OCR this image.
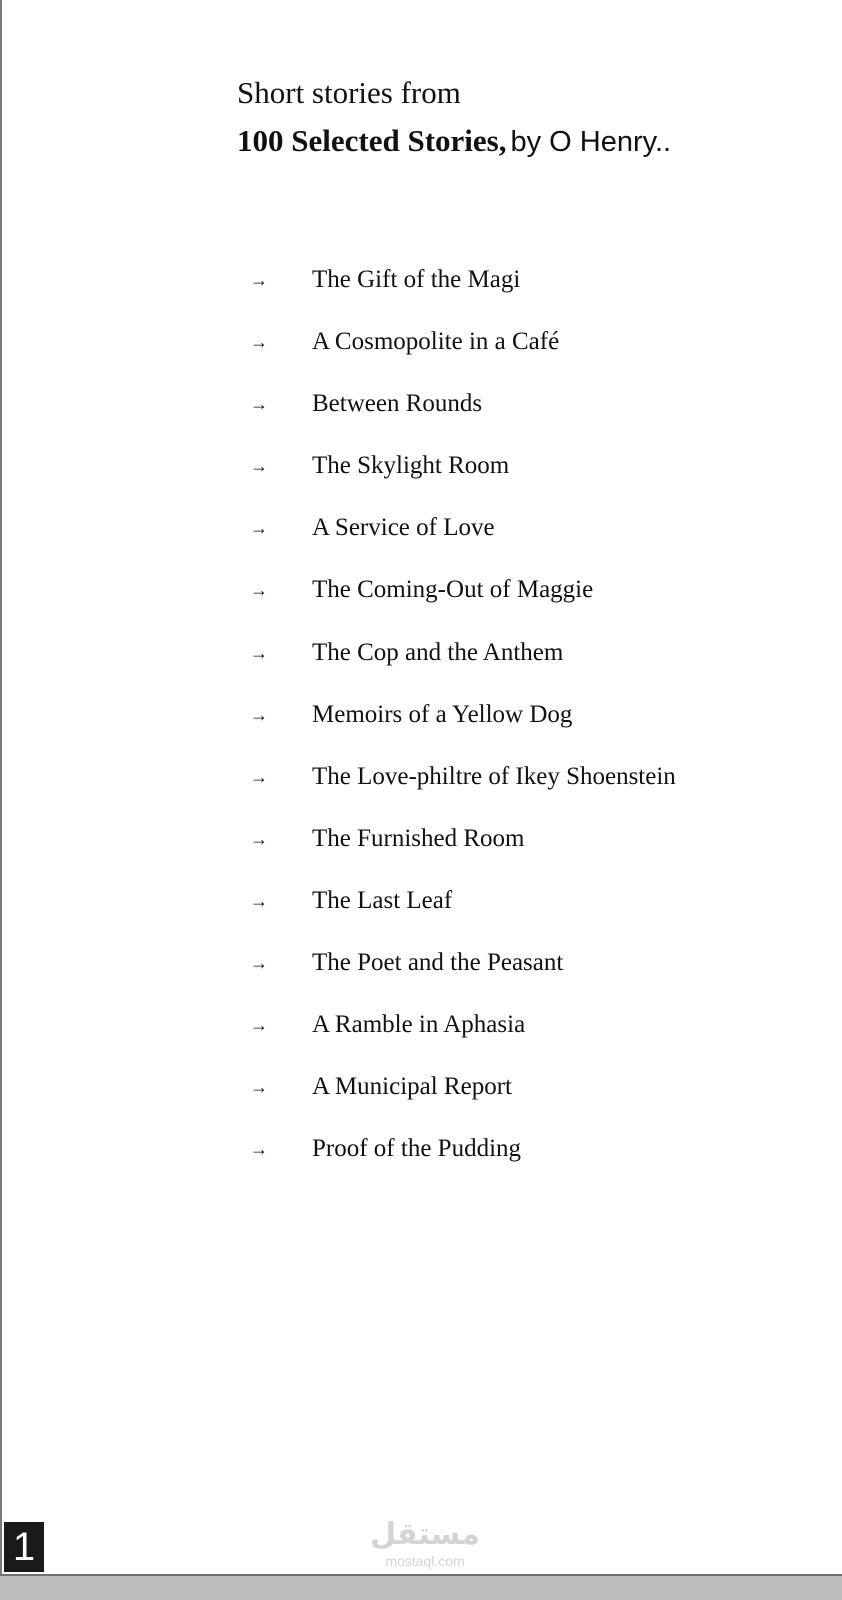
Short stories from

100 Selected Stories, by O Henry..

→	The Gift of the Magi
→	A Cosmopolite in a Café
→	Between Rounds
→	The Skylight Room
→	A Service of Love
→	The Coming-Out of Maggie
→	The Cop and the Anthem
→	Memoirs of a Yellow Dog
→	The Love-philtre of Ikey Shoenstein
→	The Furnished Room
→	The Last Leaf
→	The Poet and the Peasant
→	A Ramble in Aphasia
→	A Municipal Report
→	Proof of the Pudding
1	مستقل
mostaql.com
